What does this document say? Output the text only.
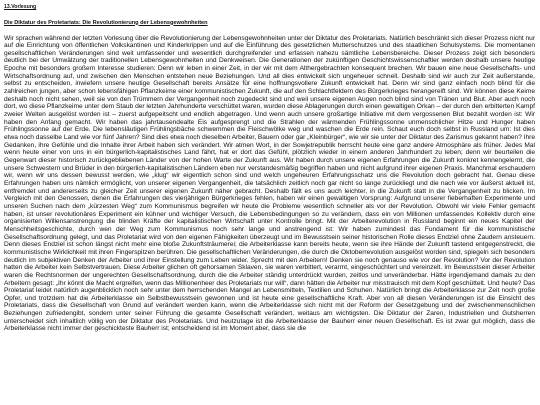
13.Vorlesung
Die Diktatur des Proletariats: Die Revolutionierung der Lebensgewohnheiten

Wir sprachen während der letzten Vorlesung über die Revolutionierung der Lebensgewohnheiten unter der Diktatur des Proletariats. Natürlich beschränkt sich dieser Prozess nicht nur auf die Einrichtung von öffentlichen Volkskantinen und Kinderkrippen und auf die Einführung des gesetzlichen Mutterschutzes und des staatlichen Schulsystems. Die momentanen gesellschaftlichen Veränderungen sind weit umfassender und wesentlich durchgreifender und erfassen nahezu sämtliche Lebensbereiche. Dieser Prozess zeigt sich besonders deutlich bei der Umwälzung der traditionellen Lebensgewohnheiten und Denkweisen. Die Generationen der zukünftigen Geschichtswissenschaftler werden deshalb unsere heutige Epoche mit besonders großem Interesse studieren: Denn wir leben in einer Zeit, in der wir mit dem Althergebrachten konsequent brechen. Wir bauen eine neue Gesellschafts- und Wirtschaftsordnung auf, und zwischen den Menschen entstehen neue Beziehungen. Und all dies entwickelt sich ungeheuer schnell. Deshalb sind wir auch zur Zeit außerstande, selbst zu entscheiden, inwiefern unsere heutige Gesellschaft bereits Ansätze für eine hoffnungsvollere Zukunft entwickelt hat. Denn wir sind ganz einfach noch blind für die zahlreichen jungen, aber schon lebensfähigen Pflanzkeime einer kommunistischen Zukunft, die auf den Schlachtfeldern des Bürgerkrieges herangereift sind. Wir können diese Keime deshalb noch nicht sehen, weil sie von den Trümmern der Vergangenheit noch zugedeckt sind und weil unsere eigenen Augen noch blind sind von Tränen und Blut. Aber auch noch dort, wo diese Pflanzkeime unter dem Staub der letzten Jahrhunderte verschüttet waren, wurden diese Ablagerungen durch einen gewaltigen Orkan – der durch den erbitterten Kampf zweier Welten ausgelöst worden ist – zuerst aufgepeitscht und endlich abgetragen. Und wenn auch unsere großartige Initiative mit dem vergossenen Blut bezahlt worden ist: Wir haben den Anfang gemacht. Wir haben das jahrtausendealte Eis aufgesprengt und die Strahlen der wärmenden Frühlingssonne unmenschlicher Hitze und Hunger haben Frühlingssonne auf der Erde. Die lebensläutigen Frühlingsbäche schwemmen die Fleischwölke weg und waschen die Erde rein. Schaut euch doch selbst in Russland um: Ist dies etwa noch dasselbe Land wie vor fünf Jahren? Sind dies etwa noch dieselben Arbeiter, Bauern oder gar „Kleinbürger“, wie wir sie unter der Diktatur des Zarismus gekannt haben? Ihre Gedanken, ihre Gefühle und die Inhalte ihrer Arbeit haben sich verändert. Wir atmen Wort, in der Sowjetrepublik herrscht heute eine ganz andere Atmosphäre als früher. Jedes Mal wenn heute einer von uns in ein bürgerlich-kapitalistisches Land fährt, hat er dort das Gefühl, plötzlich wieder in einem anderen Jahrhundert zu leben; denn wir beurteilen die Gegenwart dieser historisch zurückgebliebenen Länder von der hohen Warte der Zukunft aus. Wir haben durch unsere eigenen Erfahrungen die Zukunft konkret kennengelernt, die unsere Schwestern und Brüder in den bürgerlich-kapitalistischen Ländern eben nur verstandesmäßig begriffen haben und nicht aufgrund ihrer eigenen Praxis. Manchmal erschaudern wir, wenn wir uns dessen bewusst werden, wie „klug“ wir eigentlich schon sind und welch ungeheuren Erfahrungsschatz uns die Revolution doch gebracht hat. Genau diese Erfahrungen haben uns nämlich ermöglicht, von unserer eigenen Vergangenheit, die tatsächlich zeitlich noch gar nicht so lange zurückliegt und die nach wie vor äußerst aktuell ist, entfremdet und andererseits zu gleicher Zeit unserer eigenen Zukunft näher gebracht. Deshalb fällt es uns auch leichter, in die Zukunft statt in die Vergangenheit zu blicken. Im Vergleich mit den Genossen, denen die Erfahrungen des vierjährigen Bürgerkrieges fehlen, haben wir einen gewaltigen Vorsprung: Aufgrund unserer fieberhaften Experimente und unseren Suchen nach dem „kürzesten Weg“ zum Kommunismus begreifen wir heute die Probleme wesentlich schneller als vor der Revolution. Obwohl wir viele Fehler gemacht haben, ist unser revolutionäres Experiment ein kühner und wichtiger Versuch, die Lebensbedingungen so zu verändern, dass ein von Millionen umfassendes Kollektiv durch eine organisierten Willensanstrengung die blinden Kräfte der kapitalistischen Wirtschaft unter Kontrolle bringt. Mit der Arbeiterevolution in Russland beginnt ein neues Kapitel der Menschheitsgeschichte, durch wen der Weg zum Kommunismus noch sehr lange und anstrengend ist: Wir haben zumindest das Fundament für die kommunistische Gesellschaftsordnung gelegt, und das Proletariat wird von den eigenen Fähigkeiten überzeugt und im Bewusstsein seiner historischen Rolle dieses Endziel ohne Zaudern ansteuern. Denn dieses Endziel ist schon längst nicht mehr eine bloße Zukunftsträumerei; die Arbeiterklasse kann bereits heute, wenn sie ihre Hände der Zukunft tastend entgegenstreckt, die kommunistische Wirklichkeit mit ihren Fingerspitzen berühren. Die gesellschaftlichen Veränderungen, die durch die Oktoberrevolution ausgelöst worden sind, spiegeln sich besonders deutlich im subjektiven Denken der Arbeiter und ihrer Einstellung zum Leben wider. Sprecht mit den Arbeitern! Denken sie noch genauso wie vor der Revolution? Vor der Revolution hatten die Arbeiter kein Selbstvertrauen. Diese Arbeiter glichen oft gehorsamen Sklaven, sie waren verbittert, verarmt, eingeschüchtert und vereinzelt. Im Bewusstsein dieser Arbeiter waren die Rechtsnormen der ungerechten Gesellschaftsordnung, durch die die Arbeiter ständig unterdrückt wurden, zeitlos und unveränderbar. Hätte irgendjemand damals zu den Arbeitern gesagt: „Ihr könnt die Macht ergreifen, wenn das Millionenheer des Proletariats nur will“, dann hätten die Arbeiter nur misstrauisch mit dem Kopf geschüttelt. Und heute? Das Proletariat leidet natürlich augenblicklich noch sehr unter dem herrschenden Mangel an Lebensmitteln, Textilien und Schuhen. Natürlich bringt die Arbeiterklasse zur Zeit noch große Opfer, und trotzdem hat die Arbeiterklasse ein Selbstbewusstsein gewonnen und ist heute eine gesellschaftliche Kraft. Aber von all diesen Veränderungen ist die Einsicht des Proletariats, dass die Gesellschaft von Grund auf verändert werden kann, wenn die Arbeiterklasse sich nicht mit der Reform der Gesetzgebung und der zwischenmenschlichen Beziehungen zufriedengibt, sondern unter seiner Führung die gesamte Gesellschaft verändert, weitaus am wichtigsten. Die Diktatur der Zaren, Industriellen und Gutsherren unterscheidet sich inhaltlich völlig von der Diktatur des Proletariats. Und heutzutage ist die Arbeiterklasse der Bauherr einer neuen Gesellschaft. Es ist zwar gut möglich, dass die Arbeiterklasse nicht immer der geschickteste Bauherr ist; entscheidend ist im Moment aber, dass sie die
